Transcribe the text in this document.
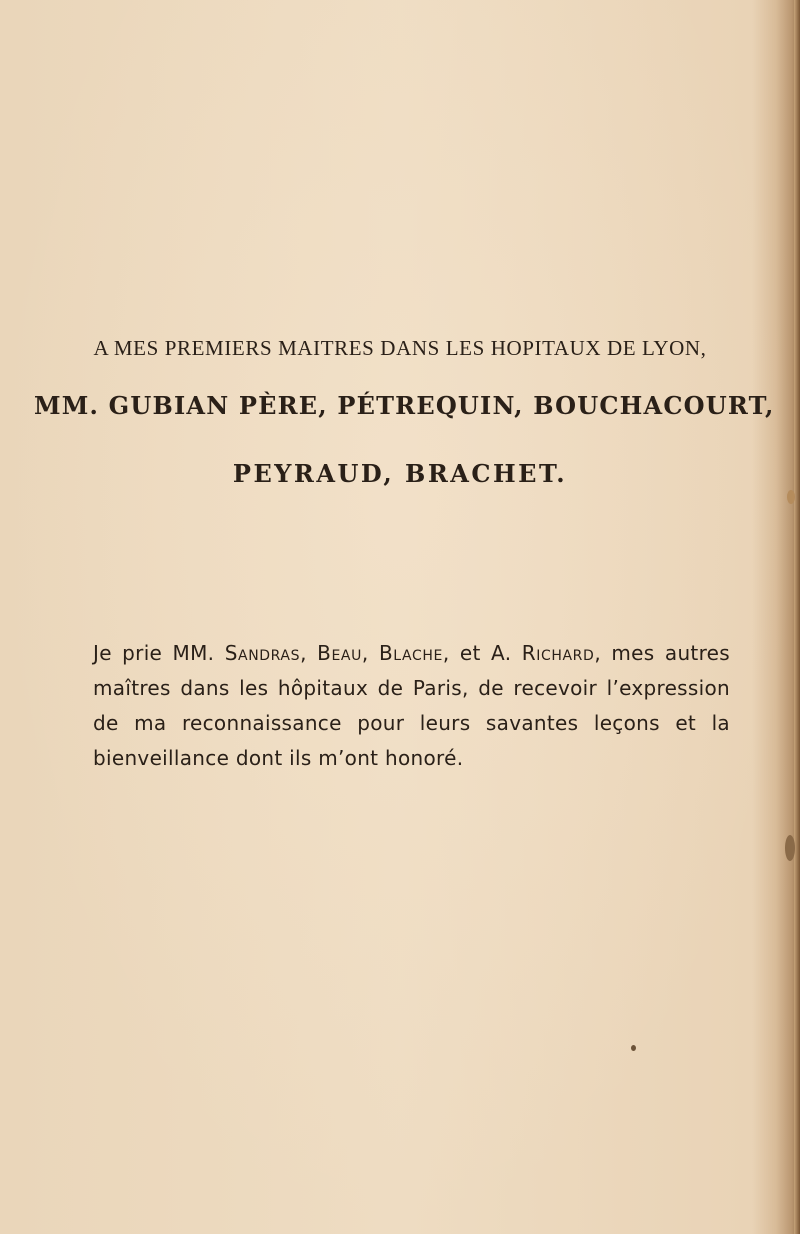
A MES PREMIERS MAITRES DANS LES HOPITAUX DE LYON,
MM. GUBIAN PÈRE, PÉTREQUIN, BOUCHACOURT,
PEYRAUD, BRACHET.

Je prie MM. Sandras, Beau, Blache, et A. Richard, mes autres maîtres dans les hôpitaux de Paris, de recevoir l’expression de ma reconnaissance pour leurs savantes leçons et la bienveillance dont ils m’ont honoré.
